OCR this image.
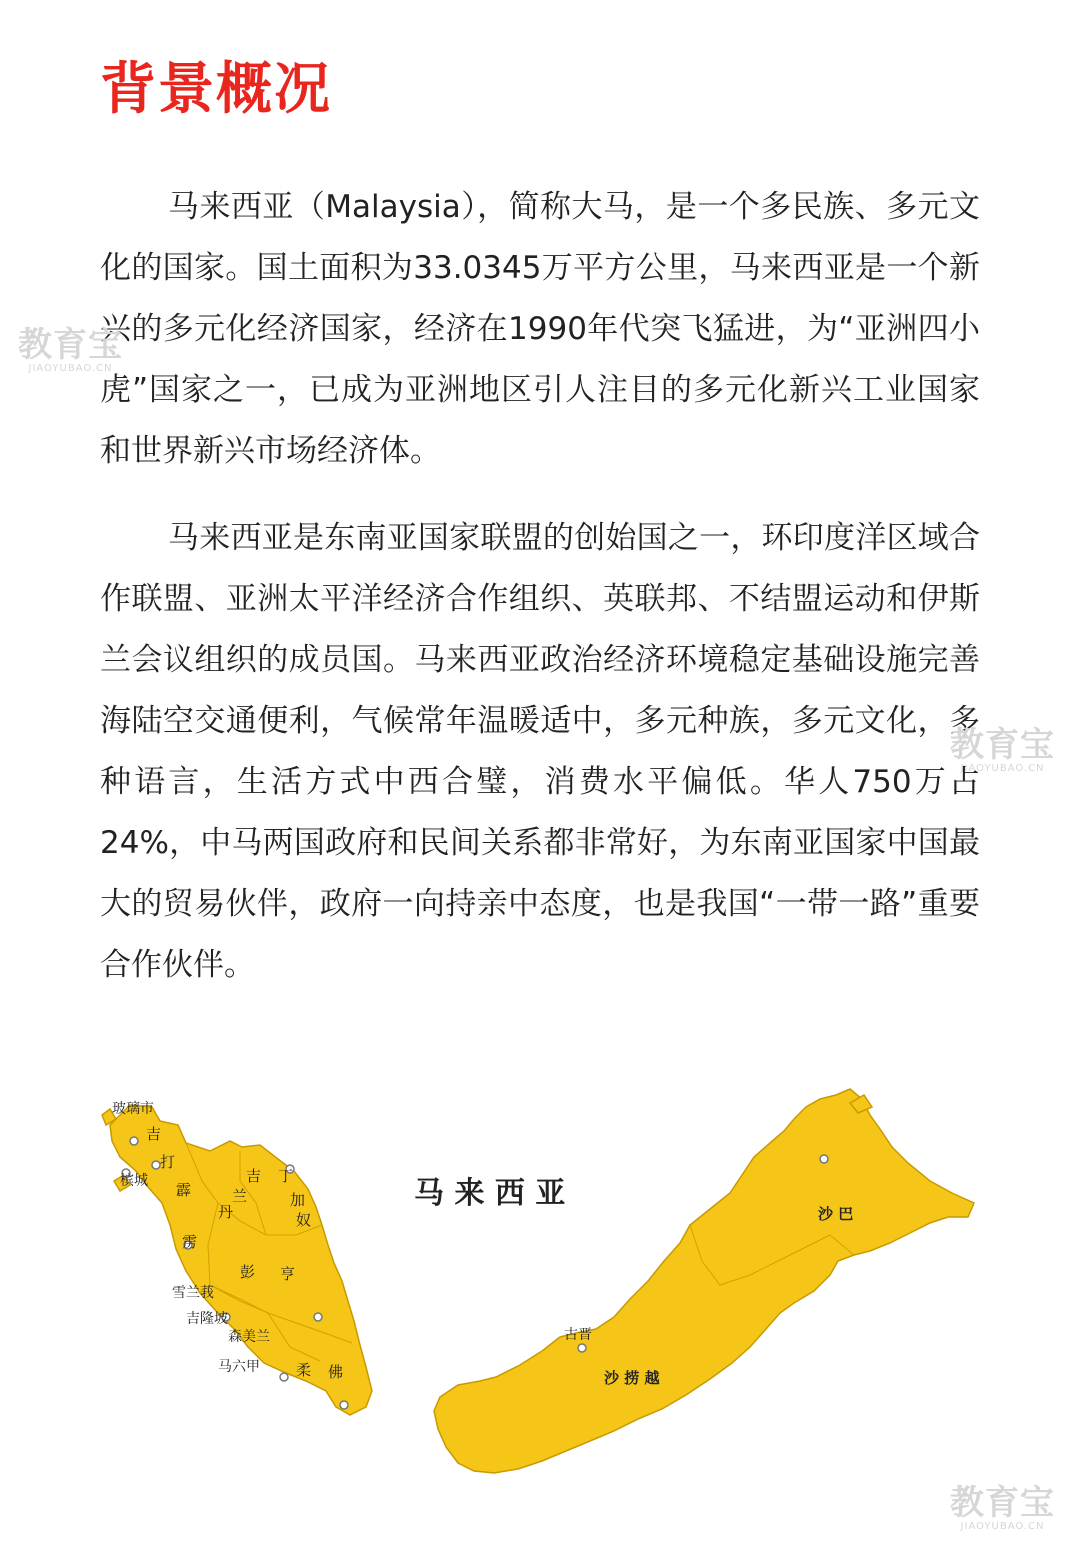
背景概况

马来西亚（Malaysia），简称大马，是一个多民族、多元文化的国家。国土面积为33.0345万平方公里，马来西亚是一个新兴的多元化经济国家，经济在1990年代突飞猛进，为“亚洲四小虎”国家之一，已成为亚洲地区引人注目的多元化新兴工业国家和世界新兴市场经济体。

马来西亚是东南亚国家联盟的创始国之一，环印度洋区域合作联盟、亚洲太平洋经济合作组织、英联邦、不结盟运动和伊斯兰会议组织的成员国。马来西亚政治经济环境稳定基础设施完善海陆空交通便利，气候常年温暖适中，多元种族，多元文化，多种语言，生活方式中西合璧，消费水平偏低。华人750万占24%，中马两国政府和民间关系都非常好，为东南亚国家中国最大的贸易伙伴，政府一向持亲中态度，也是我国“一带一路”重要合作伙伴。

教育宝
JIAOYUBAO.CN
教育宝
JIAOYUBAO.CN
教育宝
JIAOYUBAO.CN
马 来 西 亚
玻璃市
吉
打
槟城 霹
雳
吉
兰
丹
丁
加
奴
彭 亨
雪兰莪
吉隆坡
森美兰
马六甲 柔 佛
古晋
沙 捞 越
沙 巴
